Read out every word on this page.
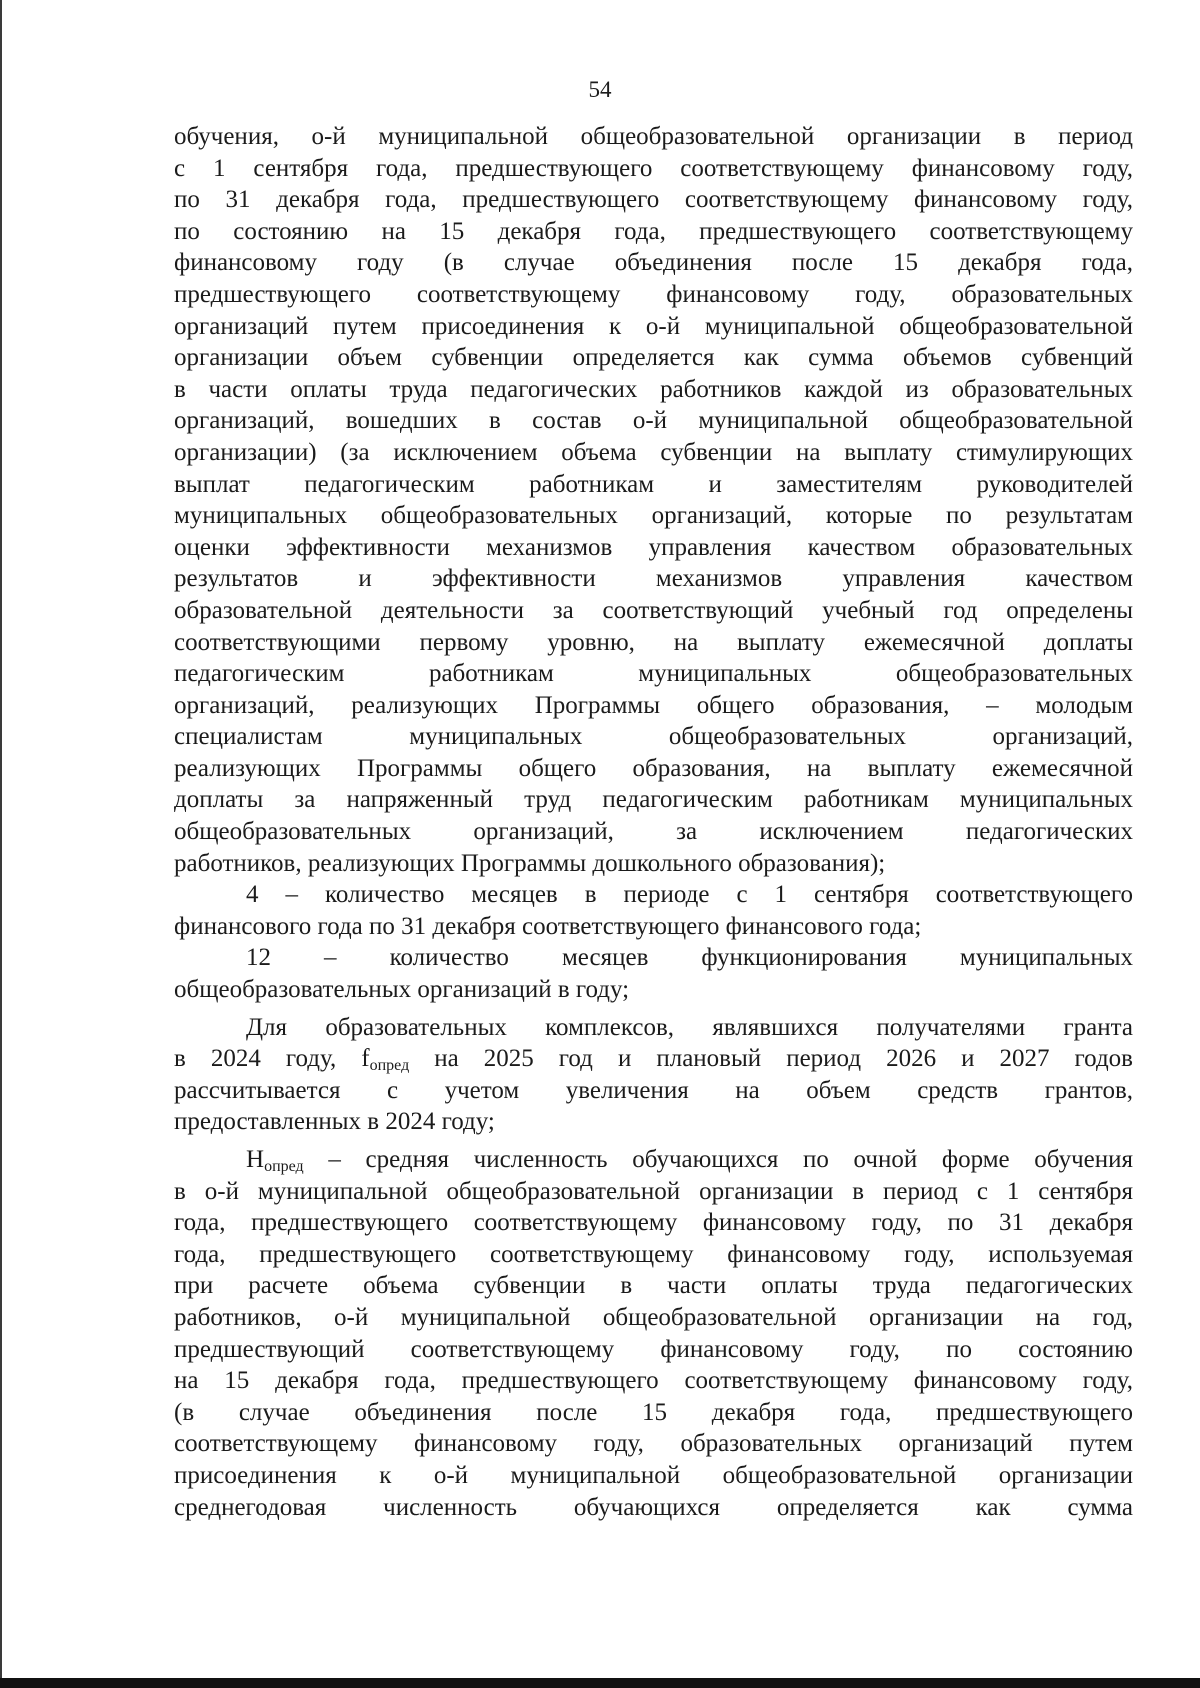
54
обучения, о-й муниципальной общеобразовательной организации в период
с 1 сентября года, предшествующего соответствующему финансовому году,
по 31 декабря года, предшествующего соответствующему финансовому году,
по состоянию на 15 декабря года, предшествующего соответствующему
финансовому году (в случае объединения после 15 декабря года,
предшествующего соответствующему финансовому году, образовательных
организаций путем присоединения к о-й муниципальной общеобразовательной
организации объем субвенции определяется как сумма объемов субвенций
в части оплаты труда педагогических работников каждой из образовательных
организаций, вошедших в состав о-й муниципальной общеобразовательной
организации) (за исключением объема субвенции на выплату стимулирующих
выплат педагогическим работникам и заместителям руководителей
муниципальных общеобразовательных организаций, которые по результатам
оценки эффективности механизмов управления качеством образовательных
результатов и эффективности механизмов управления качеством
образовательной деятельности за соответствующий учебный год определены
соответствующими первому уровню, на выплату ежемесячной доплаты
педагогическим работникам муниципальных общеобразовательных
организаций, реализующих Программы общего образования, – молодым
специалистам муниципальных общеобразовательных организаций,
реализующих Программы общего образования, на выплату ежемесячной
доплаты за напряженный труд педагогическим работникам муниципальных
общеобразовательных организаций, за исключением педагогических
работников, реализующих Программы дошкольного образования);
4 – количество месяцев в периоде с 1 сентября соответствующего
финансового года по 31 декабря соответствующего финансового года;
12 – количество месяцев функционирования муниципальных
общеобразовательных организаций в году;
Для образовательных комплексов, являвшихся получателями гранта
в 2024 году, $f_{опред}$ на 2025 год и плановый период 2026 и 2027 годов
рассчитывается с учетом увеличения на объем средств грантов,
предоставленных в 2024 году;
$Н_{опред}$ – средняя численность обучающихся по очной форме обучения
в о-й муниципальной общеобразовательной организации в период с 1 сентября
года, предшествующего соответствующему финансовому году, по 31 декабря
года, предшествующего соответствующему финансовому году, используемая
при расчете объема субвенции в части оплаты труда педагогических
работников, о-й муниципальной общеобразовательной организации на год,
предшествующий соответствующему финансовому году, по состоянию
на 15 декабря года, предшествующего соответствующему финансовому году,
(в случае объединения после 15 декабря года, предшествующего
соответствующему финансовому году, образовательных организаций путем
присоединения к о-й муниципальной общеобразовательной организации
среднегодовая численность обучающихся определяется как сумма
